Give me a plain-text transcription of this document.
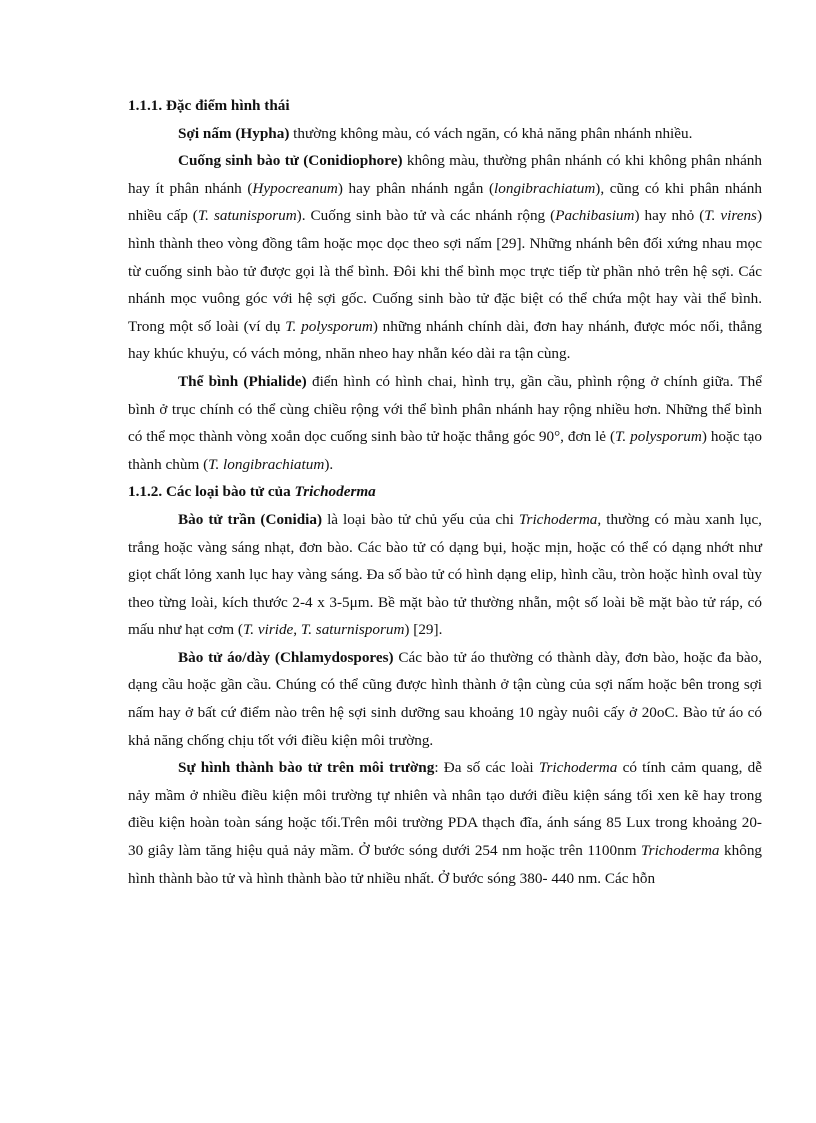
1.1.1. Đặc điểm hình thái

Sợi nấm (Hypha) thường không màu, có vách ngăn, có khả năng phân nhánh nhiều.

Cuống sinh bào tử (Conidiophore) không màu, thường phân nhánh có khi không phân nhánh hay ít phân nhánh (Hypocreanum) hay phân nhánh ngắn (longibrachiatum), cũng có khi phân nhánh nhiều cấp (T. satunisporum). Cuống sinh bào tử và các nhánh rộng (Pachibasium) hay nhỏ (T. virens) hình thành theo vòng đồng tâm hoặc mọc dọc theo sợi nấm [29]. Những nhánh bên đối xứng nhau mọc từ cuống sinh bào tử được gọi là thể bình. Đôi khi thể bình mọc trực tiếp từ phần nhỏ trên hệ sợi. Các nhánh mọc vuông góc với hệ sợi gốc. Cuống sinh bào tử đặc biệt có thể chứa một hay vài thể bình. Trong một số loài (ví dụ T. polysporum) những nhánh chính dài, đơn hay nhánh, được móc nối, thẳng hay khúc khuỷu, có vách mỏng, nhăn nheo hay nhẵn kéo dài ra tận cùng.

Thể bình (Phialide) điển hình có hình chai, hình trụ, gần cầu, phình rộng ở chính giữa. Thể bình ở trục chính có thể cùng chiều rộng với thể bình phân nhánh hay rộng nhiều hơn. Những thể bình có thể mọc thành vòng xoắn dọc cuống sinh bào tử hoặc thẳng góc 90°, đơn lẻ (T. polysporum) hoặc tạo thành chùm (T. longibrachiatum).

1.1.2. Các loại bào tử của Trichoderma

Bào tử trần (Conidia) là loại bào tử chủ yếu của chi Trichoderma, thường có màu xanh lục, trắng hoặc vàng sáng nhạt, đơn bào. Các bào tử có dạng bụi, hoặc mịn, hoặc có thể có dạng nhớt như giọt chất lỏng xanh lục hay vàng sáng. Đa số bào tử có hình dạng elip, hình cầu, tròn hoặc hình oval tùy theo từng loài, kích thước 2-4 x 3-5μm. Bề mặt bào tử thường nhẵn, một số loài bề mặt bào tử ráp, có mấu như hạt cơm (T. viride, T. saturnisporum) [29].

Bào tử áo/dày (Chlamydospores) Các bào tử áo thường có thành dày, đơn bào, hoặc đa bào, dạng cầu hoặc gần cầu. Chúng có thể cũng được hình thành ở tận cùng của sợi nấm hoặc bên trong sợi nấm hay ở bất cứ điểm nào trên hệ sợi sinh dưỡng sau khoảng 10 ngày nuôi cấy ở 20oC. Bào tử áo có khả năng chống chịu tốt với điều kiện môi trường.

Sự hình thành bào tử trên môi trường: Đa số các loài Trichoderma có tính cảm quang, dễ nảy mầm ở nhiều điều kiện môi trường tự nhiên và nhân tạo dưới điều kiện sáng tối xen kẽ hay trong điều kiện hoàn toàn sáng hoặc tối.Trên môi trường PDA thạch đĩa, ánh sáng 85 Lux trong khoảng 20- 30 giây làm tăng hiệu quả nảy mầm. Ở bước sóng dưới 254 nm hoặc trên 1100nm Trichoderma không hình thành bào tử và hình thành bào tử nhiều nhất. Ở bước sóng 380- 440 nm. Các hỗn
